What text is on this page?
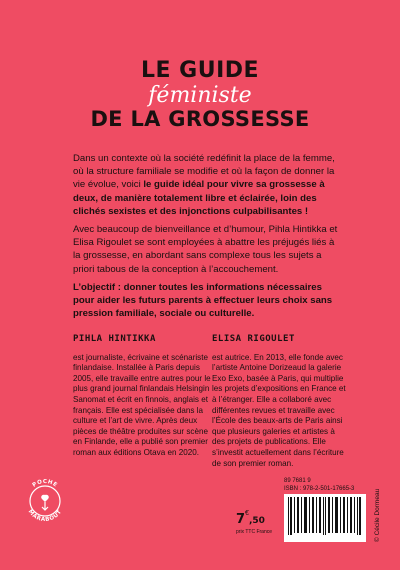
LE GUIDE
féministe
DE LA GROSSESSE

Dans un contexte où la société redéfinit la place de la femme, où la structure familiale se modifie et où la façon de donner la vie évolue, voici le guide idéal pour vivre sa grossesse à deux, de manière totalement libre et éclairée, loin des clichés sexistes et des injonctions culpabilisantes !

Avec beaucoup de bienveillance et d’humour, Pihla Hintikka et Elisa Rigoulet se sont employées à abattre les préjugés liés à la grossesse, en abordant sans complexe tous les sujets a priori tabous de la conception à l’accouchement.

L’objectif : donner toutes les informations nécessaires pour aider les futurs parents à effectuer leurs choix sans pression familiale, sociale ou culturelle.

PIHLA HINTIKKA

est journaliste, écrivaine et scénariste finlandaise. Installée à Paris depuis 2005, elle travaille entre autres pour le plus grand journal finlandais Helsingin Sanomat et écrit en finnois, anglais et français. Elle est spécialisée dans la culture et l’art de vivre. Après deux pièces de théâtre produites sur scène en Finlande, elle a publié son premier roman aux éditions Otava en 2020.

ELISA RIGOULET

est autrice. En 2013, elle fonde avec l’artiste Antoine Dorizeaud la galerie Exo Exo, basée à Paris, qui multiplie les projets d’expositions en France et à l’étranger. Elle a collaboré avec différentes revues et travaille avec l’École des beaux-arts de Paris ainsi que plusieurs galeries et artistes à des projets de publications. Elle s’investit actuellement dans l’écriture de son premier roman.

POCHE
MARABOUT	7€,50
prix TTC France
89 7681 9
ISBN : 978-2-501-17665-3	© Cécile Dormeau
